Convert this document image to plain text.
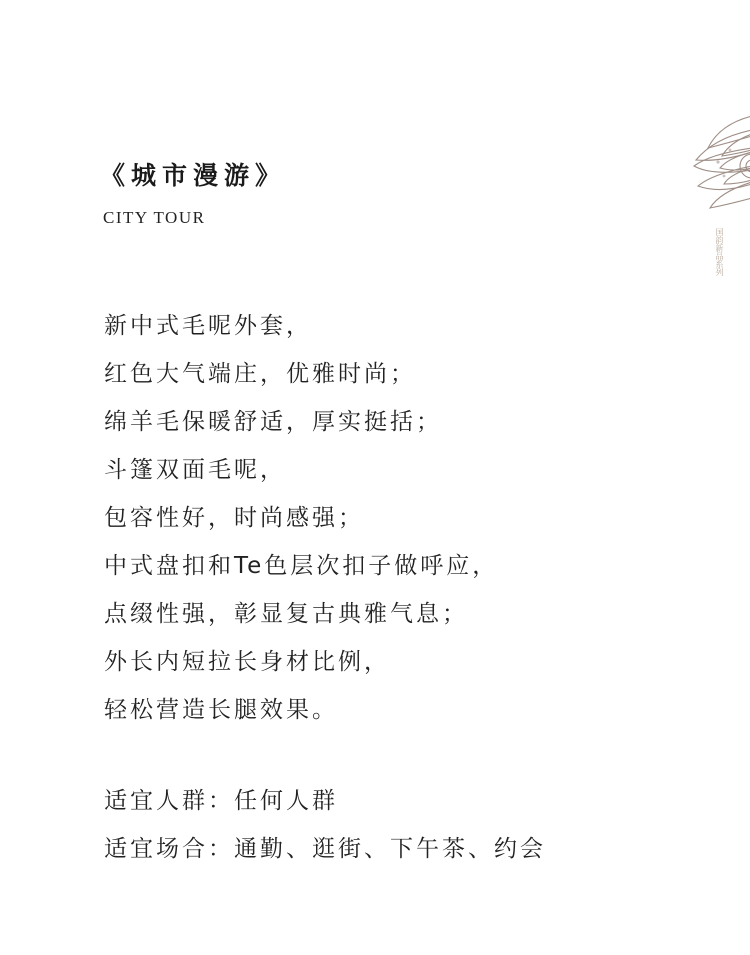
《城市漫游》
CITY TOUR
新中式毛呢外套，
红色大气端庄，优雅时尚；
绵羊毛保暖舒适，厚实挺括；
斗篷双面毛呢，
包容性好，时尚感强；
中式盘扣和Te色层次扣子做呼应，
点缀性强，彰显复古典雅气息；
外长内短拉长身材比例，
轻松营造长腿效果。
适宜人群：任何人群
适宜场合：通勤、逛街、下午茶、约会
国韵新品系列
